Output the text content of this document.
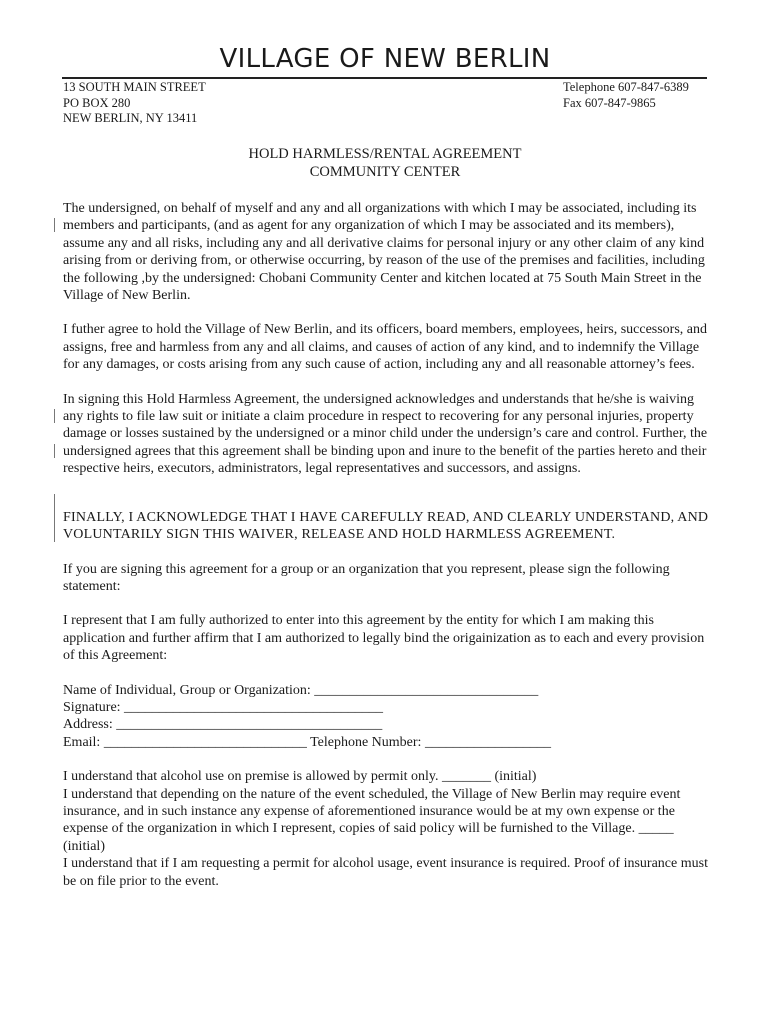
VILLAGE OF NEW BERLIN
13 SOUTH MAIN STREET
PO BOX 280
NEW BERLIN, NY 13411
Telephone 607-847-6389
Fax 607-847-9865
HOLD HARMLESS/RENTAL AGREEMENT
COMMUNITY CENTER

The undersigned, on behalf of myself and any and all organizations with which I may be associated, including its members and participants, (and as agent for any organization of which I may be associated and its members), assume any and all risks, including any and all derivative claims for personal injury or any other claim of any kind arising from or deriving from, or otherwise occurring, by reason of the use of the premises and facilities, including the following ,by the undersigned: Chobani Community Center and kitchen located at 75 South Main Street in the Village of New Berlin.

I futher agree to hold the Village of New Berlin, and its officers, board members, employees, heirs, successors, and assigns, free and harmless from any and all claims, and causes of action of any kind, and to indemnify the Village for any damages, or costs arising from any such cause of action, including any and all reasonable attorney’s fees.

In signing this Hold Harmless Agreement, the undersigned acknowledges and understands that he/she is waiving any rights to file law suit or initiate a claim procedure in respect to recovering for any personal injuries, property damage or losses sustained by the undersigned or a minor child under the undersign’s care and control. Further, the undersigned agrees that this agreement shall be binding upon and inure to the benefit of the parties hereto and their respective heirs, executors, administrators, legal representatives and successors, and assigns.

FINALLY, I ACKNOWLEDGE THAT I HAVE CAREFULLY READ, AND CLEARLY UNDERSTAND, AND VOLUNTARILY SIGN THIS WAIVER, RELEASE AND HOLD HARMLESS AGREEMENT.

If you are signing this agreement for a group or an organization that you represent, please sign the following statement:

I represent that I am fully authorized to enter into this agreement by the entity for which I am making this application and further affirm that I am authorized to legally bind the origainization as to each and every provision of this Agreement:

Name of Individual, Group or Organization: ________________________________
Signature: _____________________________________
Address: ______________________________________
Email: _____________________________ Telephone Number: __________________

I understand that alcohol use on premise is allowed by permit only. _______ (initial)

I understand that depending on the nature of the event scheduled, the Village of New Berlin may require event insurance, and in such instance any expense of aforementioned insurance would be at my own expense or the expense of the organization in which I represent, copies of said policy will be furnished to the Village. _____ (initial)

I understand that if I am requesting a permit for alcohol usage, event insurance is required. Proof of insurance must be on file prior to the event.
